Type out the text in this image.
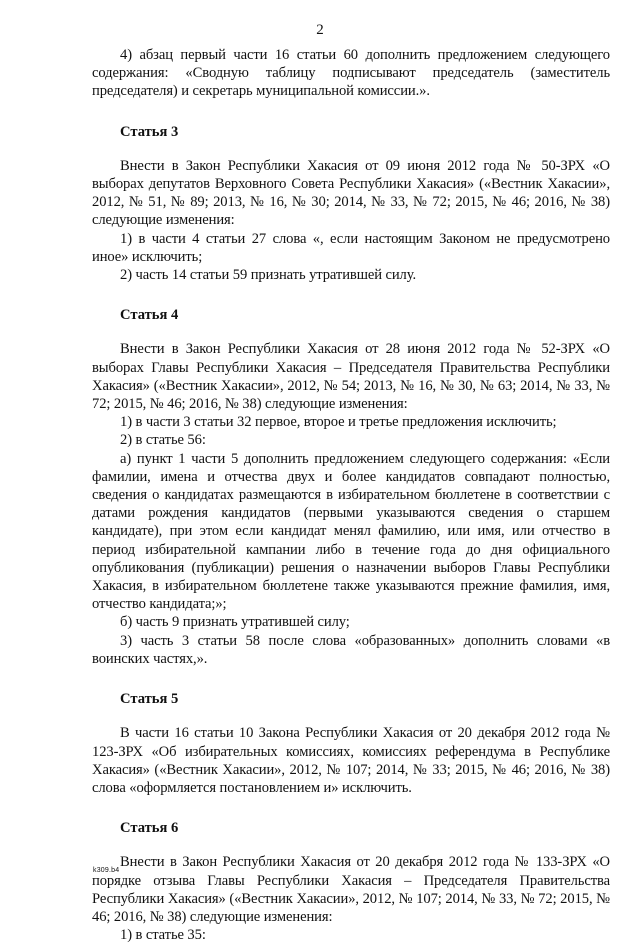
2

4) абзац первый части 16 статьи 60 дополнить предложением следующего содержания: «Сводную таблицу подписывают председатель (заместитель председателя) и секретарь муниципальной комиссии.».

Статья 3

Внести в Закон Республики Хакасия от 09 июня 2012 года № 50-ЗРХ «О выборах депутатов Верховного Совета Республики Хакасия» («Вестник Хакасии», 2012, № 51, № 89; 2013, № 16, № 30; 2014, № 33, № 72; 2015, № 46; 2016, № 38) следующие изменения:

1) в части 4 статьи 27 слова «, если настоящим Законом не предусмотрено иное» исключить;

2) часть 14 статьи 59 признать утратившей силу.

Статья 4

Внести в Закон Республики Хакасия от 28 июня 2012 года № 52-ЗРХ «О выборах Главы Республики Хакасия – Председателя Правительства Республики Хакасия» («Вестник Хакасии», 2012, № 54; 2013, № 16, № 30, № 63; 2014, № 33, № 72; 2015, № 46; 2016, № 38) следующие изменения:

1) в части 3 статьи 32 первое, второе и третье предложения исключить;

2) в статье 56:

а) пункт 1 части 5 дополнить предложением следующего содержания: «Если фамилии, имена и отчества двух и более кандидатов совпадают полностью, сведения о кандидатах размещаются в избирательном бюллетене в соответствии с датами рождения кандидатов (первыми указываются сведения о старшем кандидате), при этом если кандидат менял фамилию, или имя, или отчество в период избирательной кампании либо в течение года до дня официального опубликования (публикации) решения о назначении выборов Главы Республики Хакасия, в избирательном бюллетене также указываются прежние фамилия, имя, отчество кандидата;»;

б) часть 9 признать утратившей силу;

3) часть 3 статьи 58 после слова «образованных» дополнить словами «в воинских частях,».

Статья 5

В части 16 статьи 10 Закона Республики Хакасия от 20 декабря 2012 года № 123-ЗРХ «Об избирательных комиссиях, комиссиях референдума в Республике Хакасия» («Вестник Хакасии», 2012, № 107; 2014, № 33; 2015, № 46; 2016, № 38) слова «оформляется постановлением и» исключить.

Статья 6

Внести в Закон Республики Хакасия от 20 декабря 2012 года № 133-ЗРХ «О порядке отзыва Главы Республики Хакасия – Председателя Правительства Республики Хакасия» («Вестник Хакасии», 2012, № 107; 2014, № 33, № 72; 2015, № 46; 2016, № 38) следующие изменения:

1) в статье 35:

k309.b4
